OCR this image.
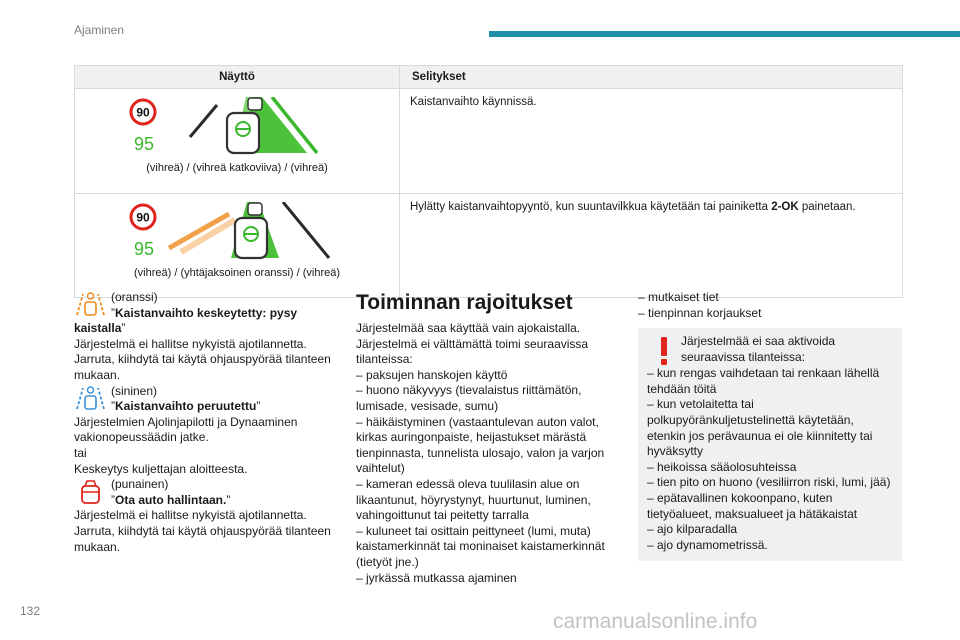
Ajaminen
Näyttö	Selitykset

90
95
(vihreä) / (vihreä katkoviiva) / (vihreä)	Kaistanvaihto käynnissä.

90
95
(vihreä) / (yhtäjaksoinen oranssi) / (vihreä)	Hylätty kaistanvaihtopyyntö, kun suuntavilkkua käytetään tai painiketta 2-OK painetaan.

(oranssi)
”Kaistanvaihto keskeytetty: pysy kaistalla”

Järjestelmä ei hallitse nykyistä ajotilannetta.

Jarruta, kiihdytä tai käytä ohjauspyörää tilanteen mukaan.

(sininen)
”Kaistanvaihto peruutettu”

Järjestelmien Ajolinjapilotti ja Dynaaminen vakionopeussäädin jatke.

tai

Keskeytys kuljettajan aloitteesta.

(punainen)
”Ota auto hallintaan.”

Järjestelmä ei hallitse nykyistä ajotilannetta.

Jarruta, kiihdytä tai käytä ohjauspyörää tilanteen mukaan.

Toiminnan rajoitukset

Järjestelmää saa käyttää vain ajokaistalla.

Järjestelmä ei välttämättä toimi seuraavissa tilanteissa:

– paksujen hanskojen käyttö

– huono näkyvyys (tievalaistus riittämätön, lumisade, vesisade, sumu)

– häikäistyminen (vastaantulevan auton valot, kirkas auringonpaiste, heijastukset märästä tienpinnasta, tunnelista ulosajo, valon ja varjon vaihtelut)

– kameran edessä oleva tuulilasin alue on likaantunut, höyrystynyt, huurtunut, luminen, vahingoittunut tai peitetty tarralla

– kuluneet tai osittain peittyneet (lumi, muta) kaistamerkinnät tai moninaiset kaistamerkinnät (tietyöt jne.)

– jyrkässä mutkassa ajaminen

– mutkaiset tiet

– tienpinnan korjaukset

Järjestelmää ei saa aktivoida seuraavissa tilanteissa:

– kun rengas vaihdetaan tai renkaan lähellä tehdään töitä

– kun vetolaitetta tai polkupyöränkuljetustelinettä käytetään, etenkin jos perävaunua ei ole kiinnitetty tai hyväksytty

– heikoissa sääolosuhteissa

– tien pito on huono (vesiliirron riski, lumi, jää)

– epätavallinen kokoonpano, kuten tietyöalueet, maksualueet ja hätäkaistat

– ajo kilparadalla

– ajo dynamometrissä.

132	carmanualsonline.info
